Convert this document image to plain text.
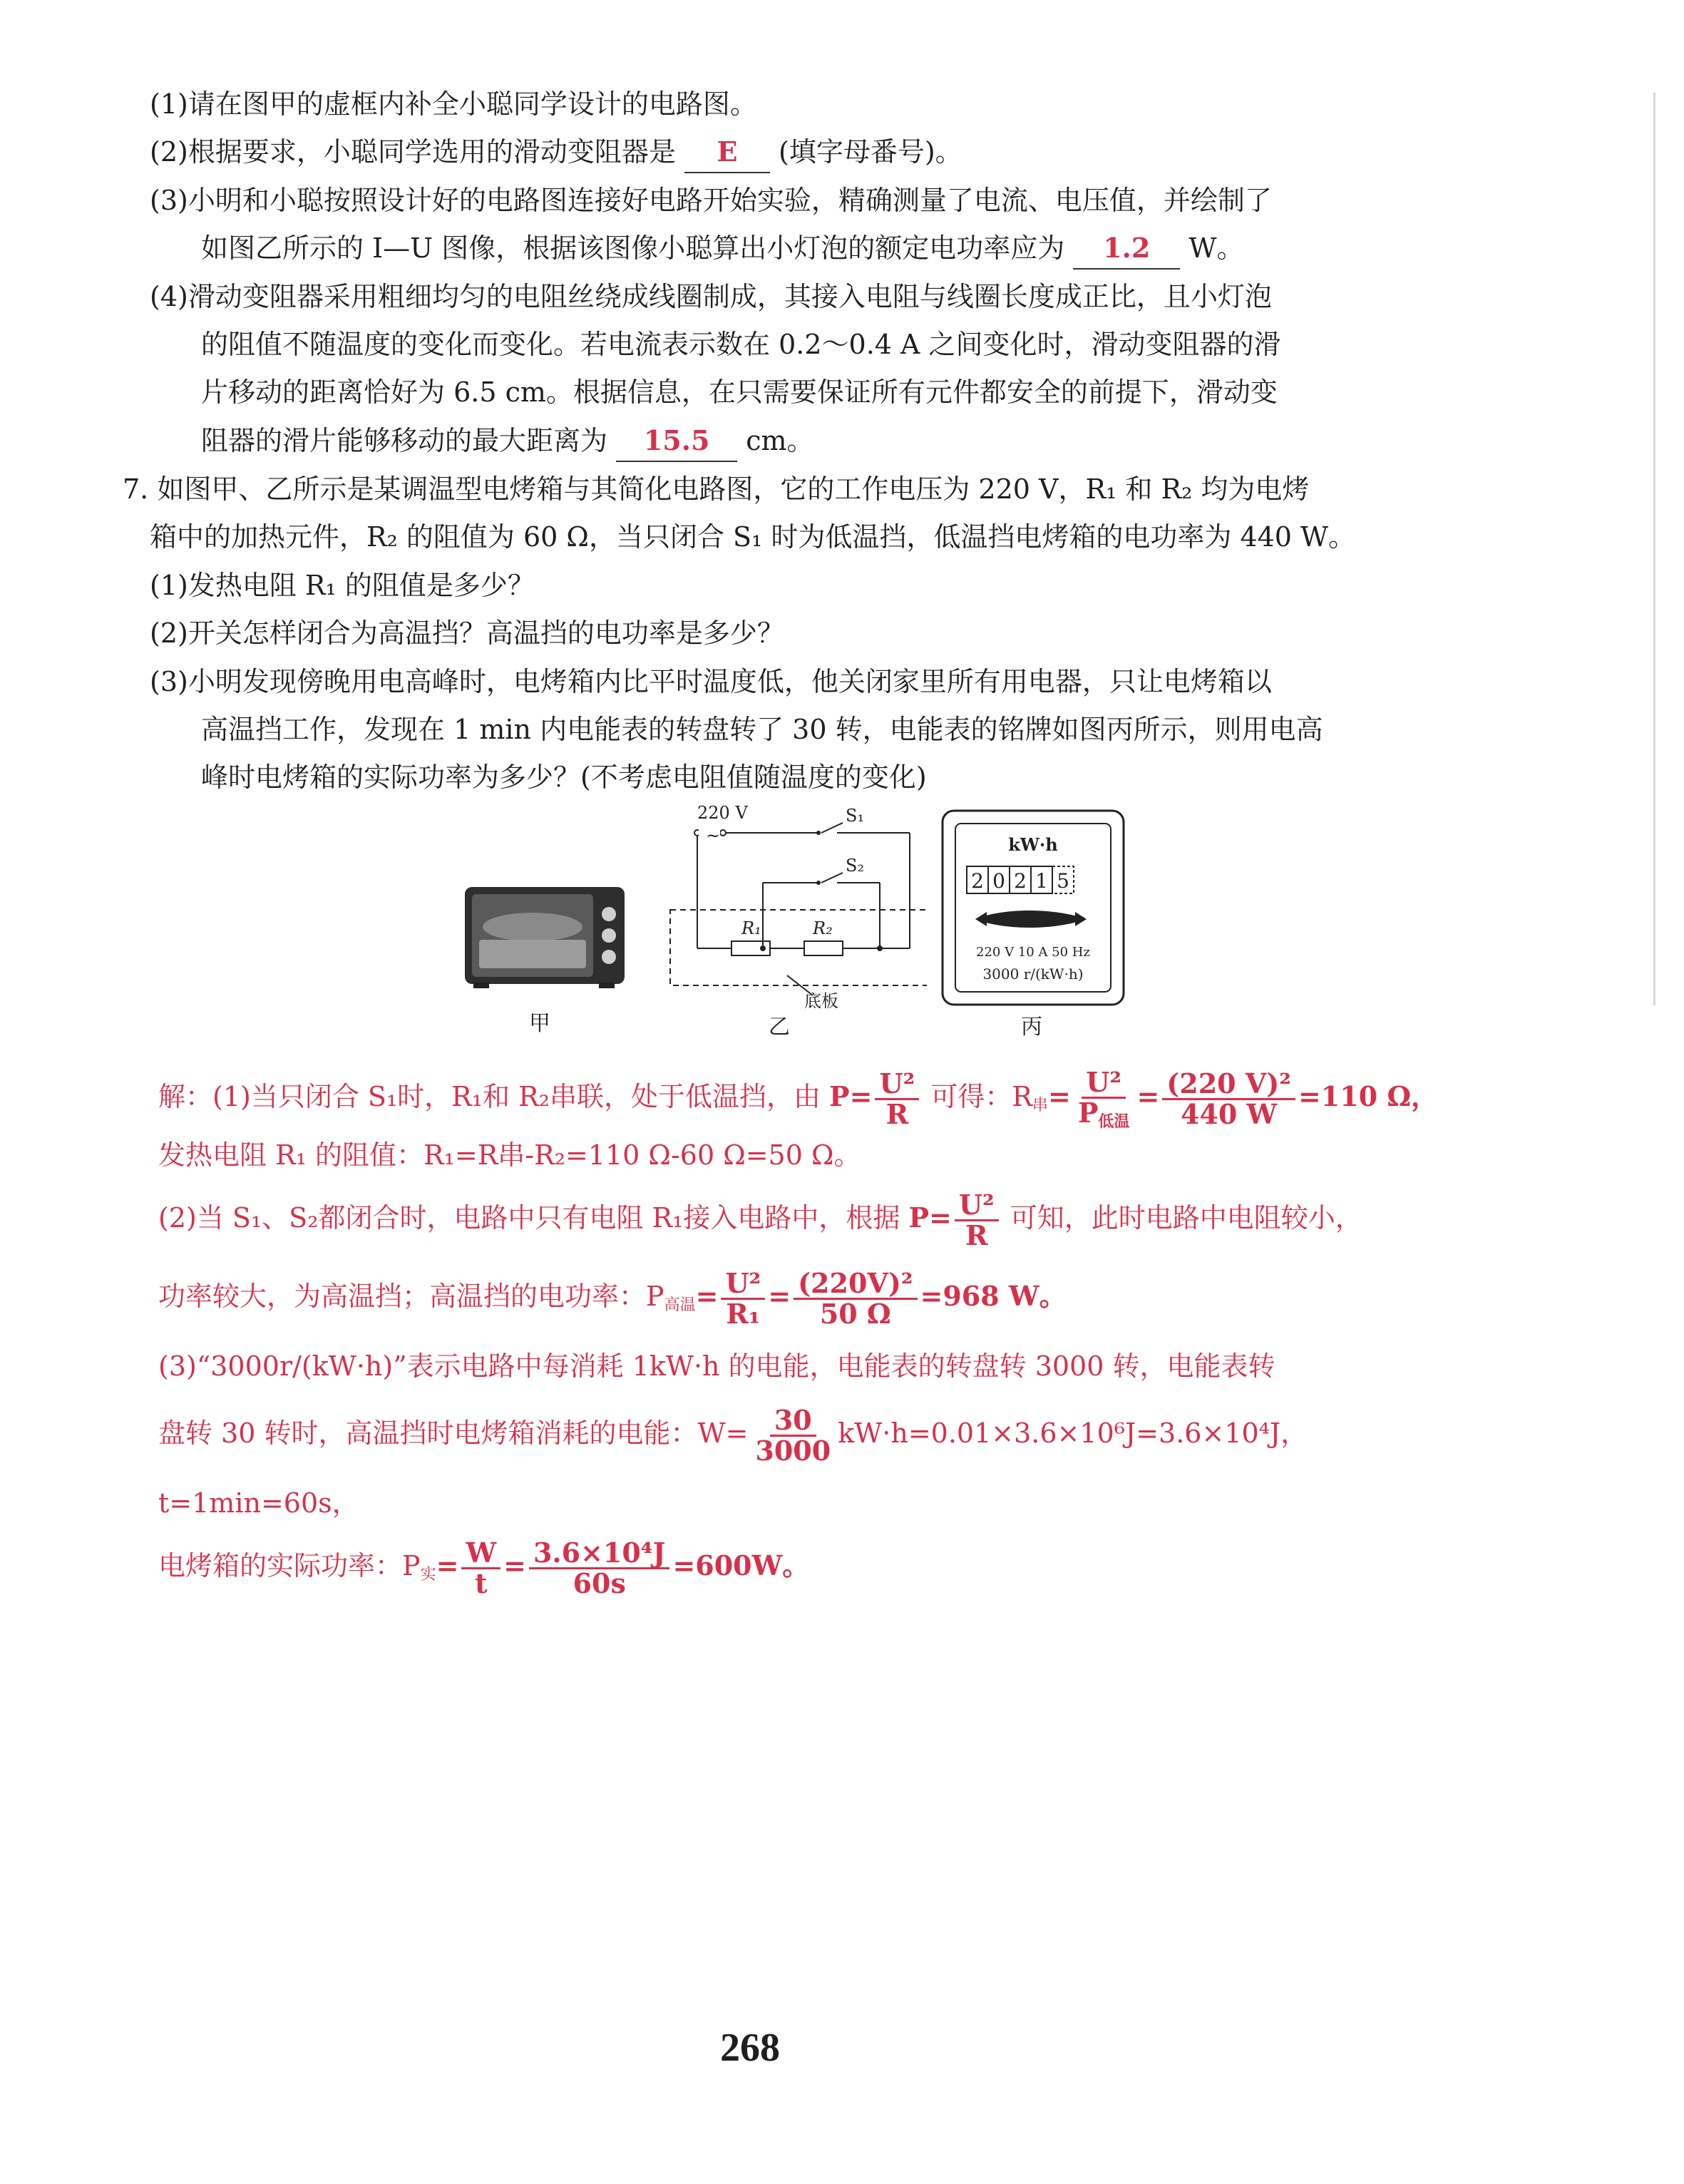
(1)请在图甲的虚框内补全小聪同学设计的电路图。
(2)根据要求，小聪同学选用的滑动变阻器是 E (填字母番号)。
(3)小明和小聪按照设计好的电路图连接好电路开始实验，精确测量了电流、电压值，并绘制了
如图乙所示的 I—U 图像，根据该图像小聪算出小灯泡的额定电功率应为 1.2 W。
(4)滑动变阻器采用粗细均匀的电阻丝绕成线圈制成，其接入电阻与线圈长度成正比，且小灯泡
的阻值不随温度的变化而变化。若电流表示数在 0.2～0.4 A 之间变化时，滑动变阻器的滑
片移动的距离恰好为 6.5 cm。根据信息，在只需要保证所有元件都安全的前提下，滑动变
阻器的滑片能够移动的最大距离为 15.5 cm。
7. 如图甲、乙所示是某调温型电烤箱与其简化电路图，它的工作电压为 220 V，R₁ 和 R₂ 均为电烤
箱中的加热元件，R₂ 的阻值为 60 Ω，当只闭合 S₁ 时为低温挡，低温挡电烤箱的电功率为 440 W。
(1)发热电阻 R₁ 的阻值是多少？
(2)开关怎样闭合为高温挡？高温挡的电功率是多少？
(3)小明发现傍晚用电高峰时，电烤箱内比平时温度低，他关闭家里所有用电器，只让电烤箱以
高温挡工作，发现在 1 min 内电能表的转盘转了 30 转，电能表的铭牌如图丙所示，则用电高
峰时电烤箱的实际功率为多少？(不考虑电阻值随温度的变化)
甲
220 V
~
S₁
S₂
R₁	R₂
底板
乙
kW·h
2 0 2 1 5
220 V 10 A 50 Hz
3000 r/(kW·h)
丙
解：(1)当只闭合 S₁时，R₁和 R₂串联，处于低温挡，由 $P= \frac{\text{U²}}{R}$ 可得：$R_串= \frac{\text{U²}}{P_{低温}} = \frac{\text{(220 V)²}}{440 W} =110$ Ω，
发热电阻 R₁ 的阻值：R₁=R串-R₂=110 Ω-60 Ω=50 Ω。
(2)当 S₁、S₂都闭合时，电路中只有电阻 R₁接入电路中，根据 $P= \frac{\text{U²}}{R}$ 可知，此时电路中电阻较小，
功率较大，为高温挡；高温挡的电功率：$P_{高温}= \frac{\text{U²}}{\text{R₁}} = \frac{\text{(220V)²}}{50 \Omega} =968$ W。
(3)“3000r/(kW·h)”表示电路中每消耗 1kW·h 的电能，电能表的转盘转 3000 转，电能表转
盘转 30 转时，高温挡时电烤箱消耗的电能：$W= \frac{30}{3000} kW\cdot h=0.01\times 3.6\times 10^6J=3.6\times 10^4J$，
t=1min=60s，
电烤箱的实际功率：$P_实= \frac{W}{t} = \frac{\text{3.6×10⁴J}}{60s} =600W$。
268
